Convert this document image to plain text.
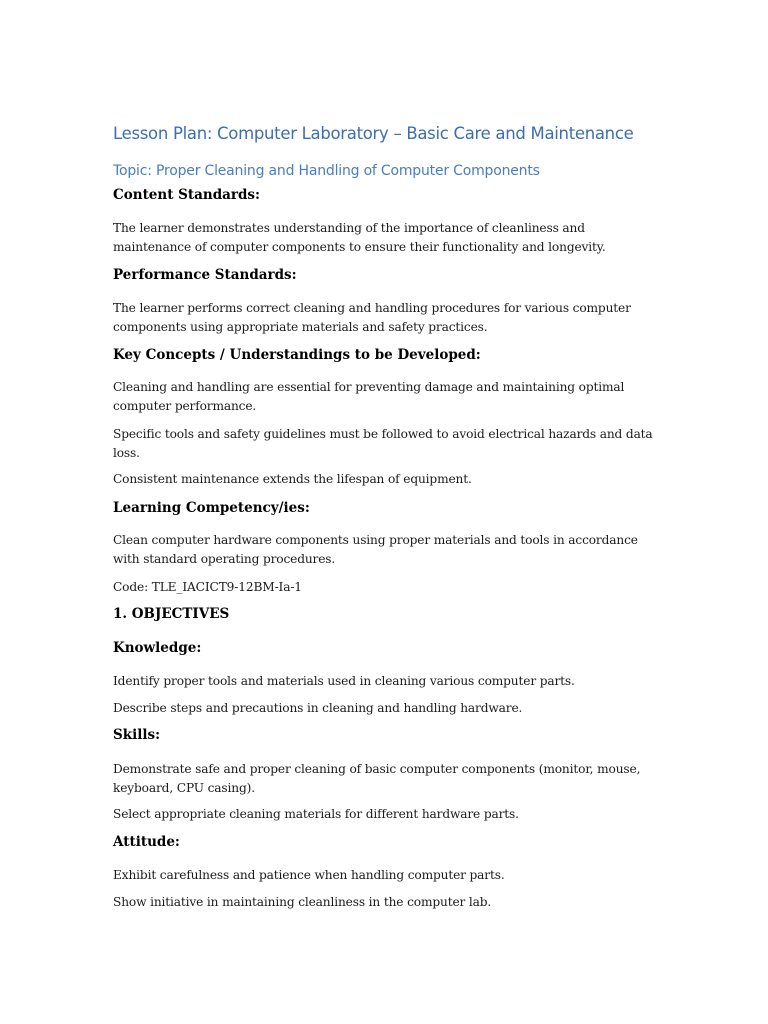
Lesson Plan: Computer Laboratory – Basic Care and Maintenance
Topic: Proper Cleaning and Handling of Computer Components
Content Standards:

The learner demonstrates understanding of the importance of cleanliness and maintenance of computer components to ensure their functionality and longevity.

Performance Standards:

The learner performs correct cleaning and handling procedures for various computer components using appropriate materials and safety practices.

Key Concepts / Understandings to be Developed:

Cleaning and handling are essential for preventing damage and maintaining optimal computer performance.

Specific tools and safety guidelines must be followed to avoid electrical hazards and data loss.

Consistent maintenance extends the lifespan of equipment.

Learning Competency/ies:

Clean computer hardware components using proper materials and tools in accordance with standard operating procedures.

Code: TLE_IACICT9-12BM-Ia-1

1. OBJECTIVES
Knowledge:

Identify proper tools and materials used in cleaning various computer parts.

Describe steps and precautions in cleaning and handling hardware.

Skills:

Demonstrate safe and proper cleaning of basic computer components (monitor, mouse, keyboard, CPU casing).

Select appropriate cleaning materials for different hardware parts.

Attitude:

Exhibit carefulness and patience when handling computer parts.

Show initiative in maintaining cleanliness in the computer lab.
